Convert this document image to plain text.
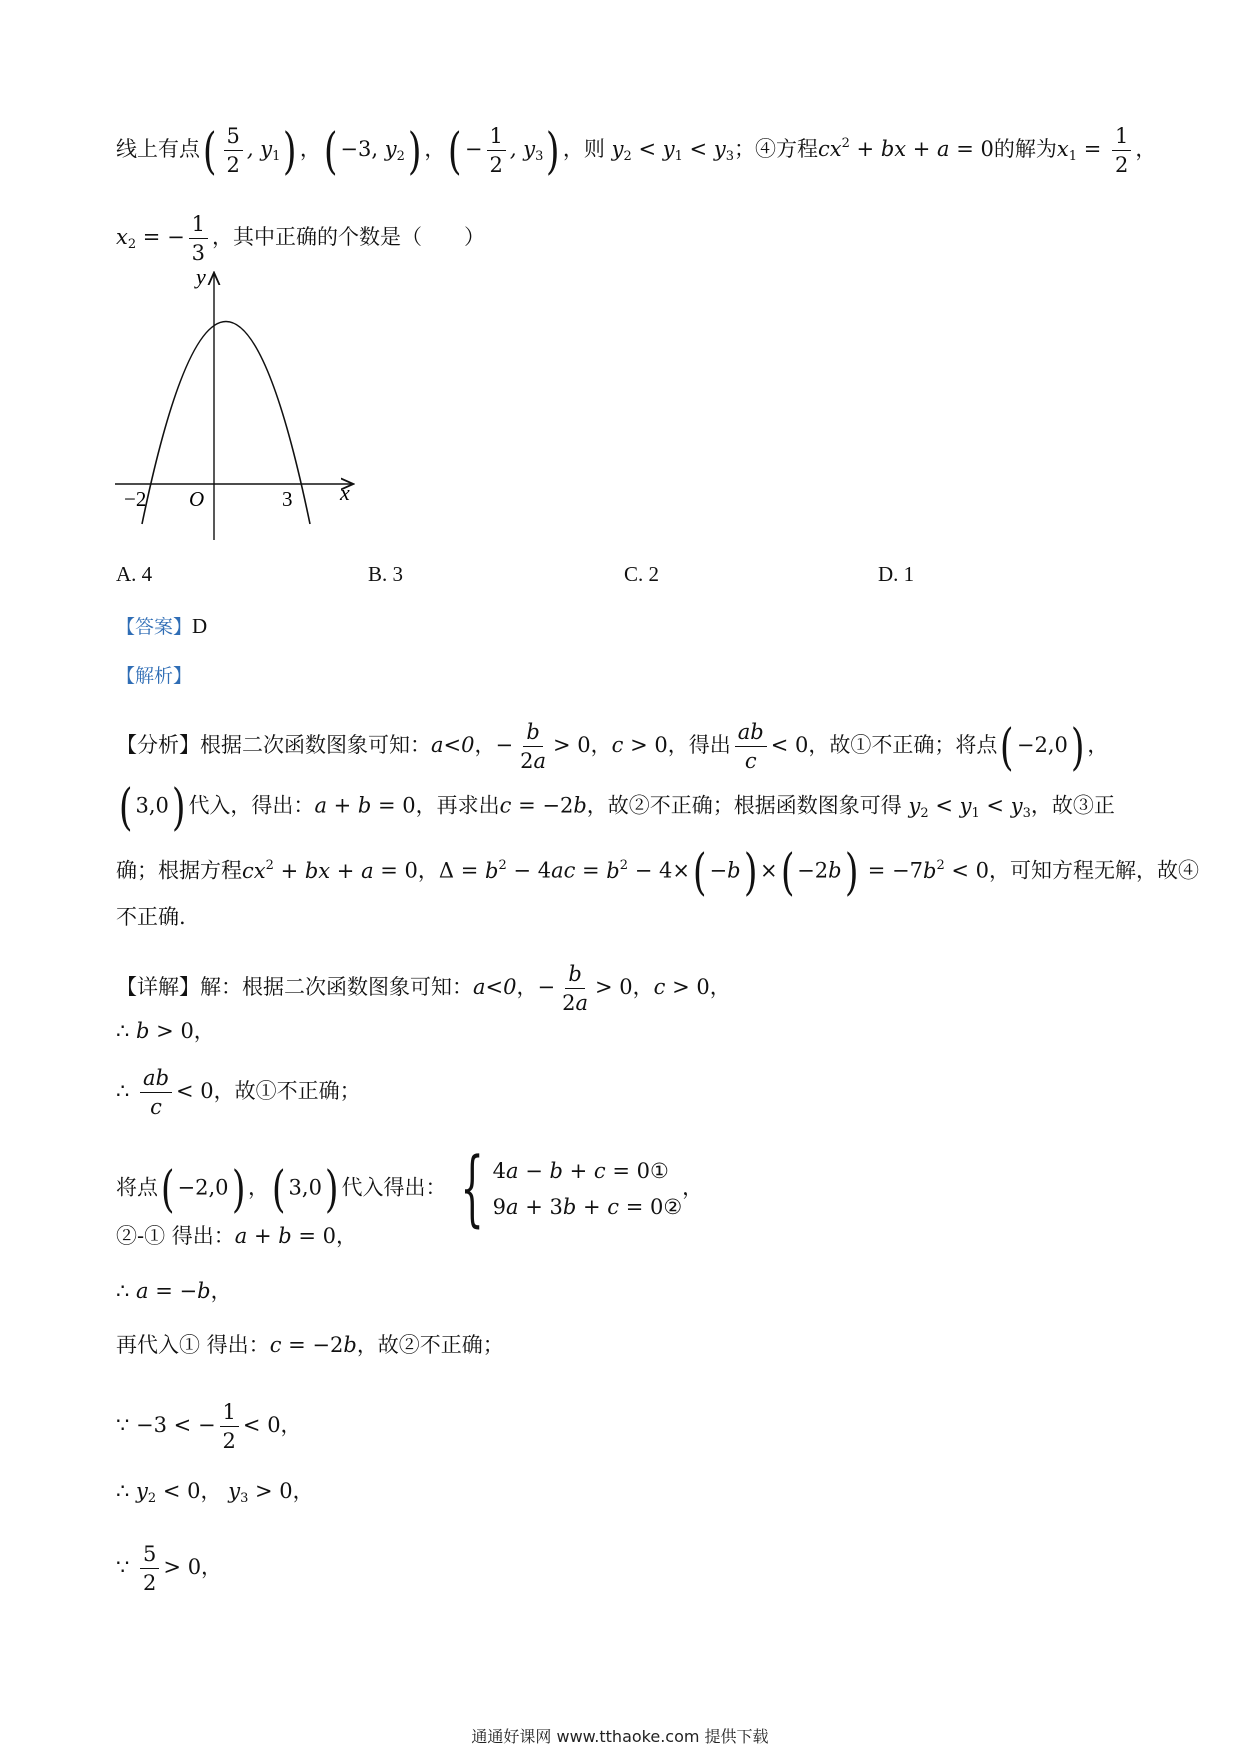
线上有点( $\frac{5}{2}$ , $y_1$) ，( −3, $y_2$) ，( − $\frac{1}{2}$ , $y_3$) ，则 $y_2 < y_1 < y_3$；④方程$cx^2$ + bx + a = 0的解为$x_1 = \frac{1}{2}$ ，
$x_2$ = − $\frac{1}{3}$ ，其中正确的个数是（　　）
y
x
O
−2	3
A. 4	B. 3	C. 2	D. 1
【答案】D
【解析】
【分析】根据二次函数图象可知：a<0，− $\frac{b}{2a} > 0$，c > 0，得出 $\frac{ab}{c} < 0$，故①不正确；将点( −2,0) ，
( 3,0) 代入，得出：a + b = 0，再求出c = −2b，故②不正确；根据函数图象可得 $y_2 < y_1 < y_3$，故③正
确；根据方程$cx^2$ + bx + a = 0，$\Delta = b^2 - 4ac = b^2 - 4\times( -b)$ ×( $-2b) = -7b^2 < 0$，可知方程无解，故④
不正确.
【详解】解：根据二次函数图象可知：a<0，− $\frac{b}{2a} > 0$，c > 0，
∴ b > 0，
∴ $\frac{ab}{c} < 0$，故①不正确；
将点( −2,0) ，( 3,0) 代入得出： { 4a − b + c = 0①
9a + 3b + c = 0②
，
②-① 得出：a + b = 0，
∴ a = −b，
再代入① 得出：c = −2b，故②不正确；
∵ −3 < − $\frac{1}{2} < 0$，
∴ $y_2 < 0$， $y_3 > 0$，
∵ $\frac{5}{2} > 0$，
通通好课网 www.tthaoke.com 提供下载
